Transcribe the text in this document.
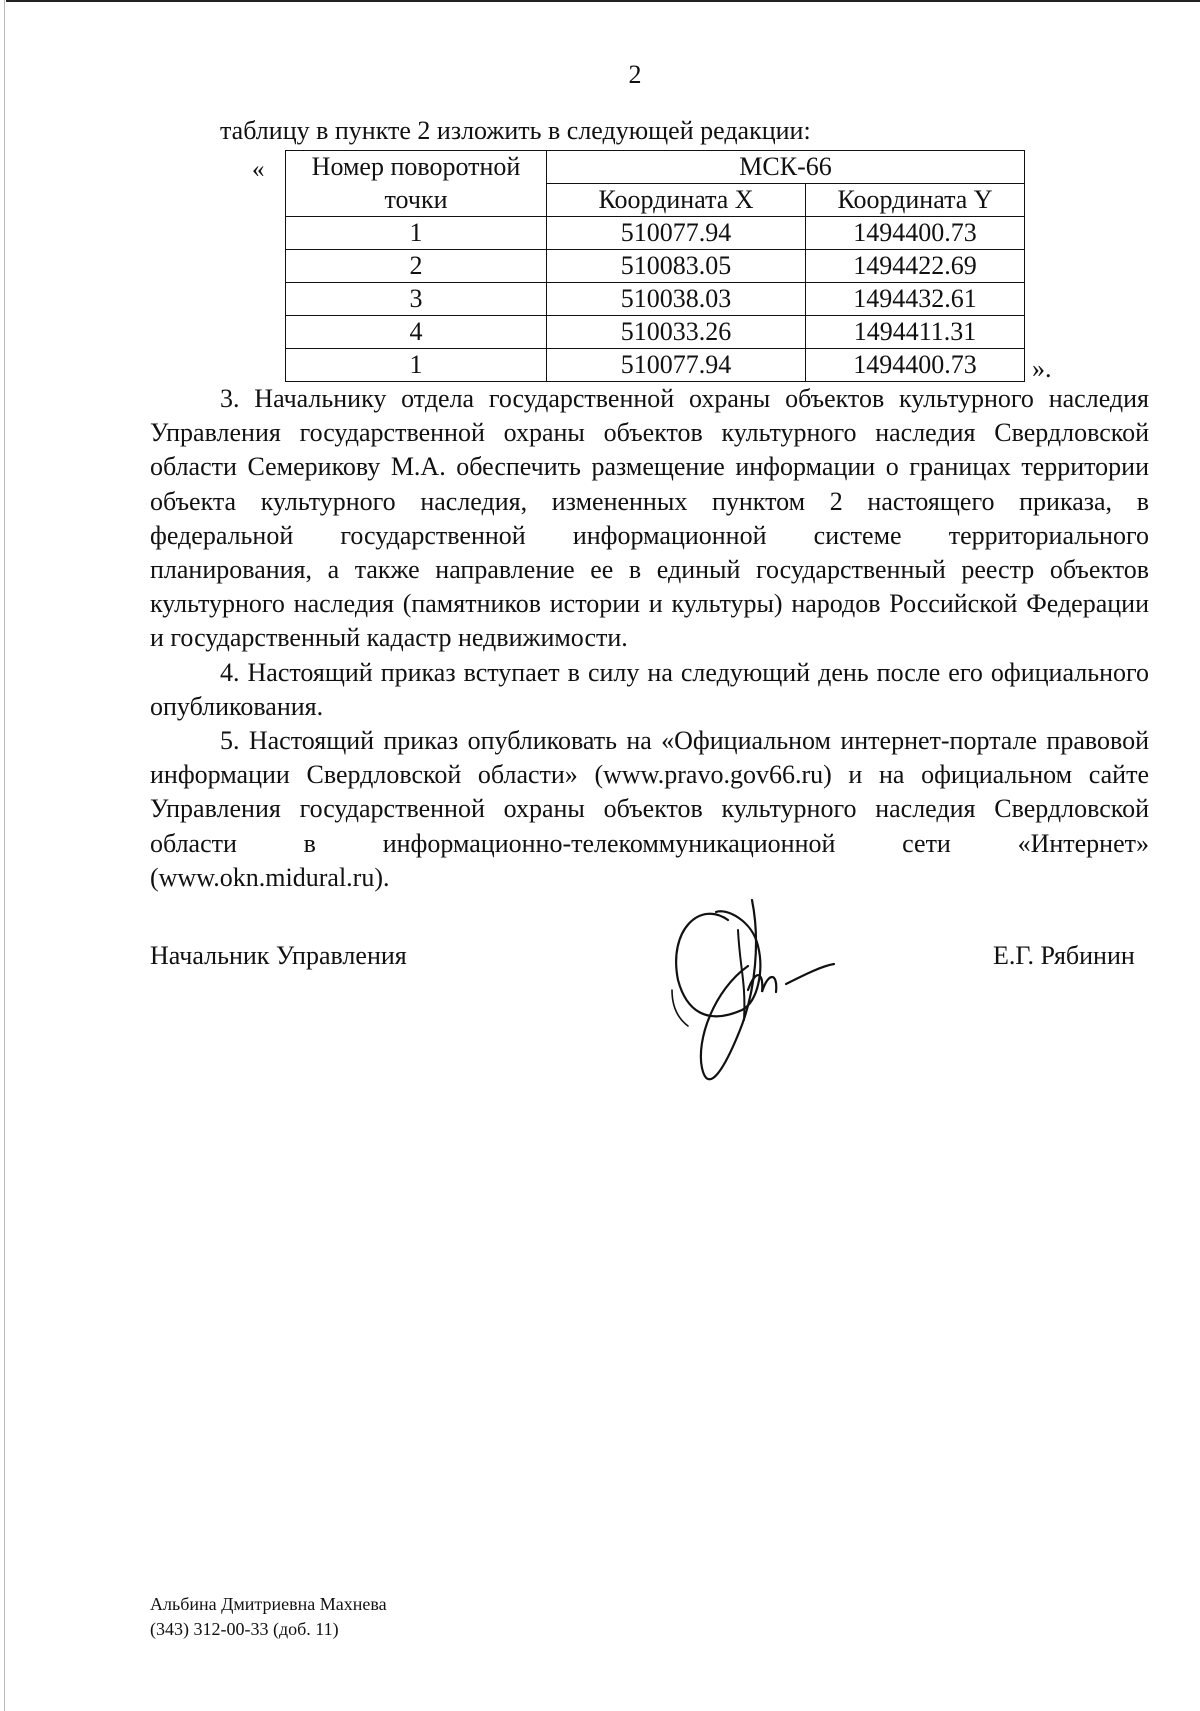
2
таблицу в пункте 2 изложить в следующей редакции:
« Номер поворотной	МСК-66	
точки	Координата X	Координата Y
1	510077.94	1494400.73
2	510083.05	1494422.69
3	510038.03	1494432.61
4	510033.26	1494411.31
1	510077.94	1494400.73 ».

3. Начальнику отдела государственной охраны объектов культурного наследия Управления государственной охраны объектов культурного наследия Свердловской области Семерикову М.А. обеспечить размещение информации о границах территории объекта культурного наследия, измененных пунктом 2 настоящего приказа, в федеральной государственной информационной системе территориального планирования, а также направление ее в единый государственный реестр объектов культурного наследия (памятников истории и культуры) народов Российской Федерации и государственный кадастр недвижимости.

4. Настоящий приказ вступает в силу на следующий день после его официального опубликования.

5. Настоящий приказ опубликовать на «Официальном интернет-портале правовой информации Свердловской области» (www.pravo.gov66.ru) и на официальном сайте Управления государственной охраны объектов культурного наследия Свердловской области в информационно-телекоммуникационной сети «Интернет» (www.okn.midural.ru).

Начальник Управления	Е.Г. Рябинин
Альбина Дмитриевна Махнева
(343) 312-00-33 (доб. 11)
